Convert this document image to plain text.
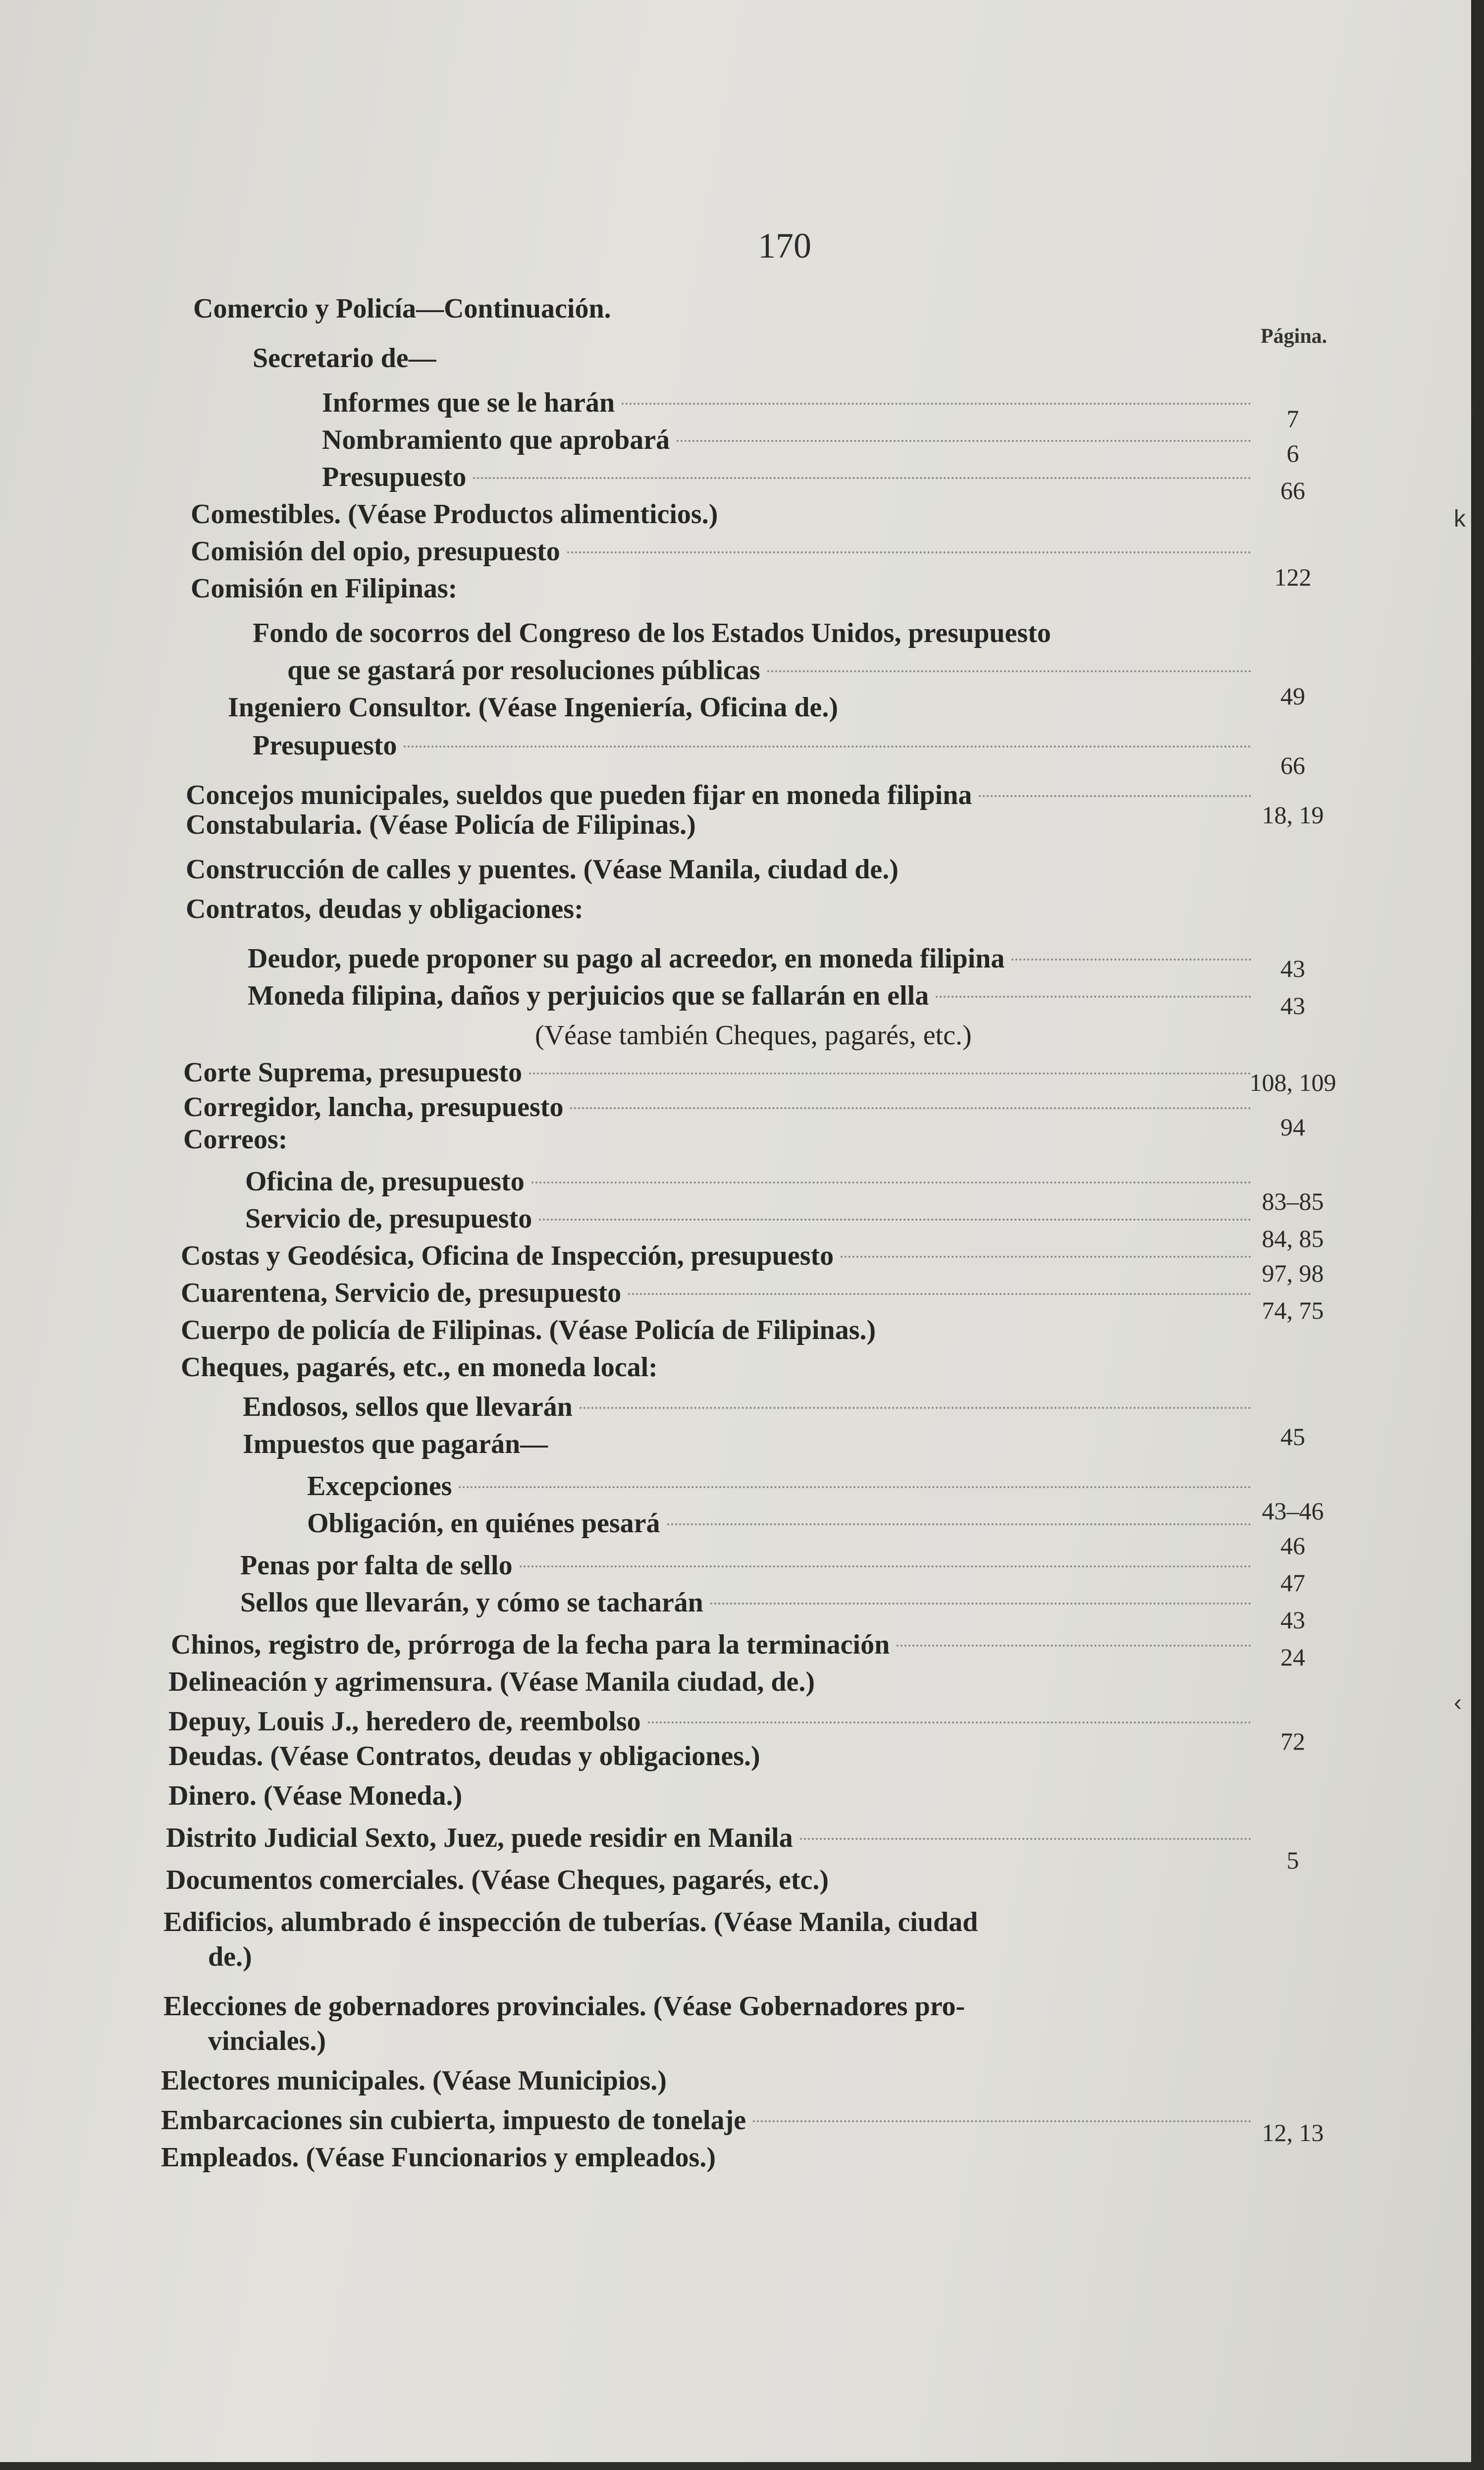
170
Página.
Comercio y Policía—Continuación.
Secretario de—
Informes que se le harán
Nombramiento que aprobará
Presupuesto
Comestibles. (Véase Productos alimenticios.)
Comisión del opio, presupuesto
Comisión en Filipinas:
Fondo de socorros del Congreso de los Estados Unidos, presupuesto
que se gastará por resoluciones públicas
Ingeniero Consultor. (Véase Ingeniería, Oficina de.)
Presupuesto
Concejos municipales, sueldos que pueden fijar en moneda filipina
Constabularia. (Véase Policía de Filipinas.)
Construcción de calles y puentes. (Véase Manila, ciudad de.)
Contratos, deudas y obligaciones:
Deudor, puede proponer su pago al acreedor, en moneda filipina
Moneda filipina, daños y perjuicios que se fallarán en ella
(Véase también Cheques, pagarés, etc.)
Corte Suprema, presupuesto
Corregidor, lancha, presupuesto
Correos:
Oficina de, presupuesto
Servicio de, presupuesto
Costas y Geodésica, Oficina de Inspección, presupuesto
Cuarentena, Servicio de, presupuesto
Cuerpo de policía de Filipinas. (Véase Policía de Filipinas.)
Cheques, pagarés, etc., en moneda local:
Endosos, sellos que llevarán
Impuestos que pagarán—
Excepciones
Obligación, en quiénes pesará
Penas por falta de sello
Sellos que llevarán, y cómo se tacharán
Chinos, registro de, prórroga de la fecha para la terminación
Delineación y agrimensura. (Véase Manila ciudad, de.)
Depuy, Louis J., heredero de, reembolso
Deudas. (Véase Contratos, deudas y obligaciones.)
Dinero. (Véase Moneda.)
Distrito Judicial Sexto, Juez, puede residir en Manila
Documentos comerciales. (Véase Cheques, pagarés, etc.)
Edificios, alumbrado é inspección de tuberías. (Véase Manila, ciudad
de.)
Elecciones de gobernadores provinciales. (Véase Gobernadores pro-
vinciales.)
Electores municipales. (Véase Municipios.)
Embarcaciones sin cubierta, impuesto de tonelaje
Empleados. (Véase Funcionarios y empleados.)
7
6
66
122
49
66
18, 19
43
43
108, 109
94
83–85
84, 85
97, 98
74, 75
45
43–46
46
47
43
24
72
5
12, 13
k
‹
